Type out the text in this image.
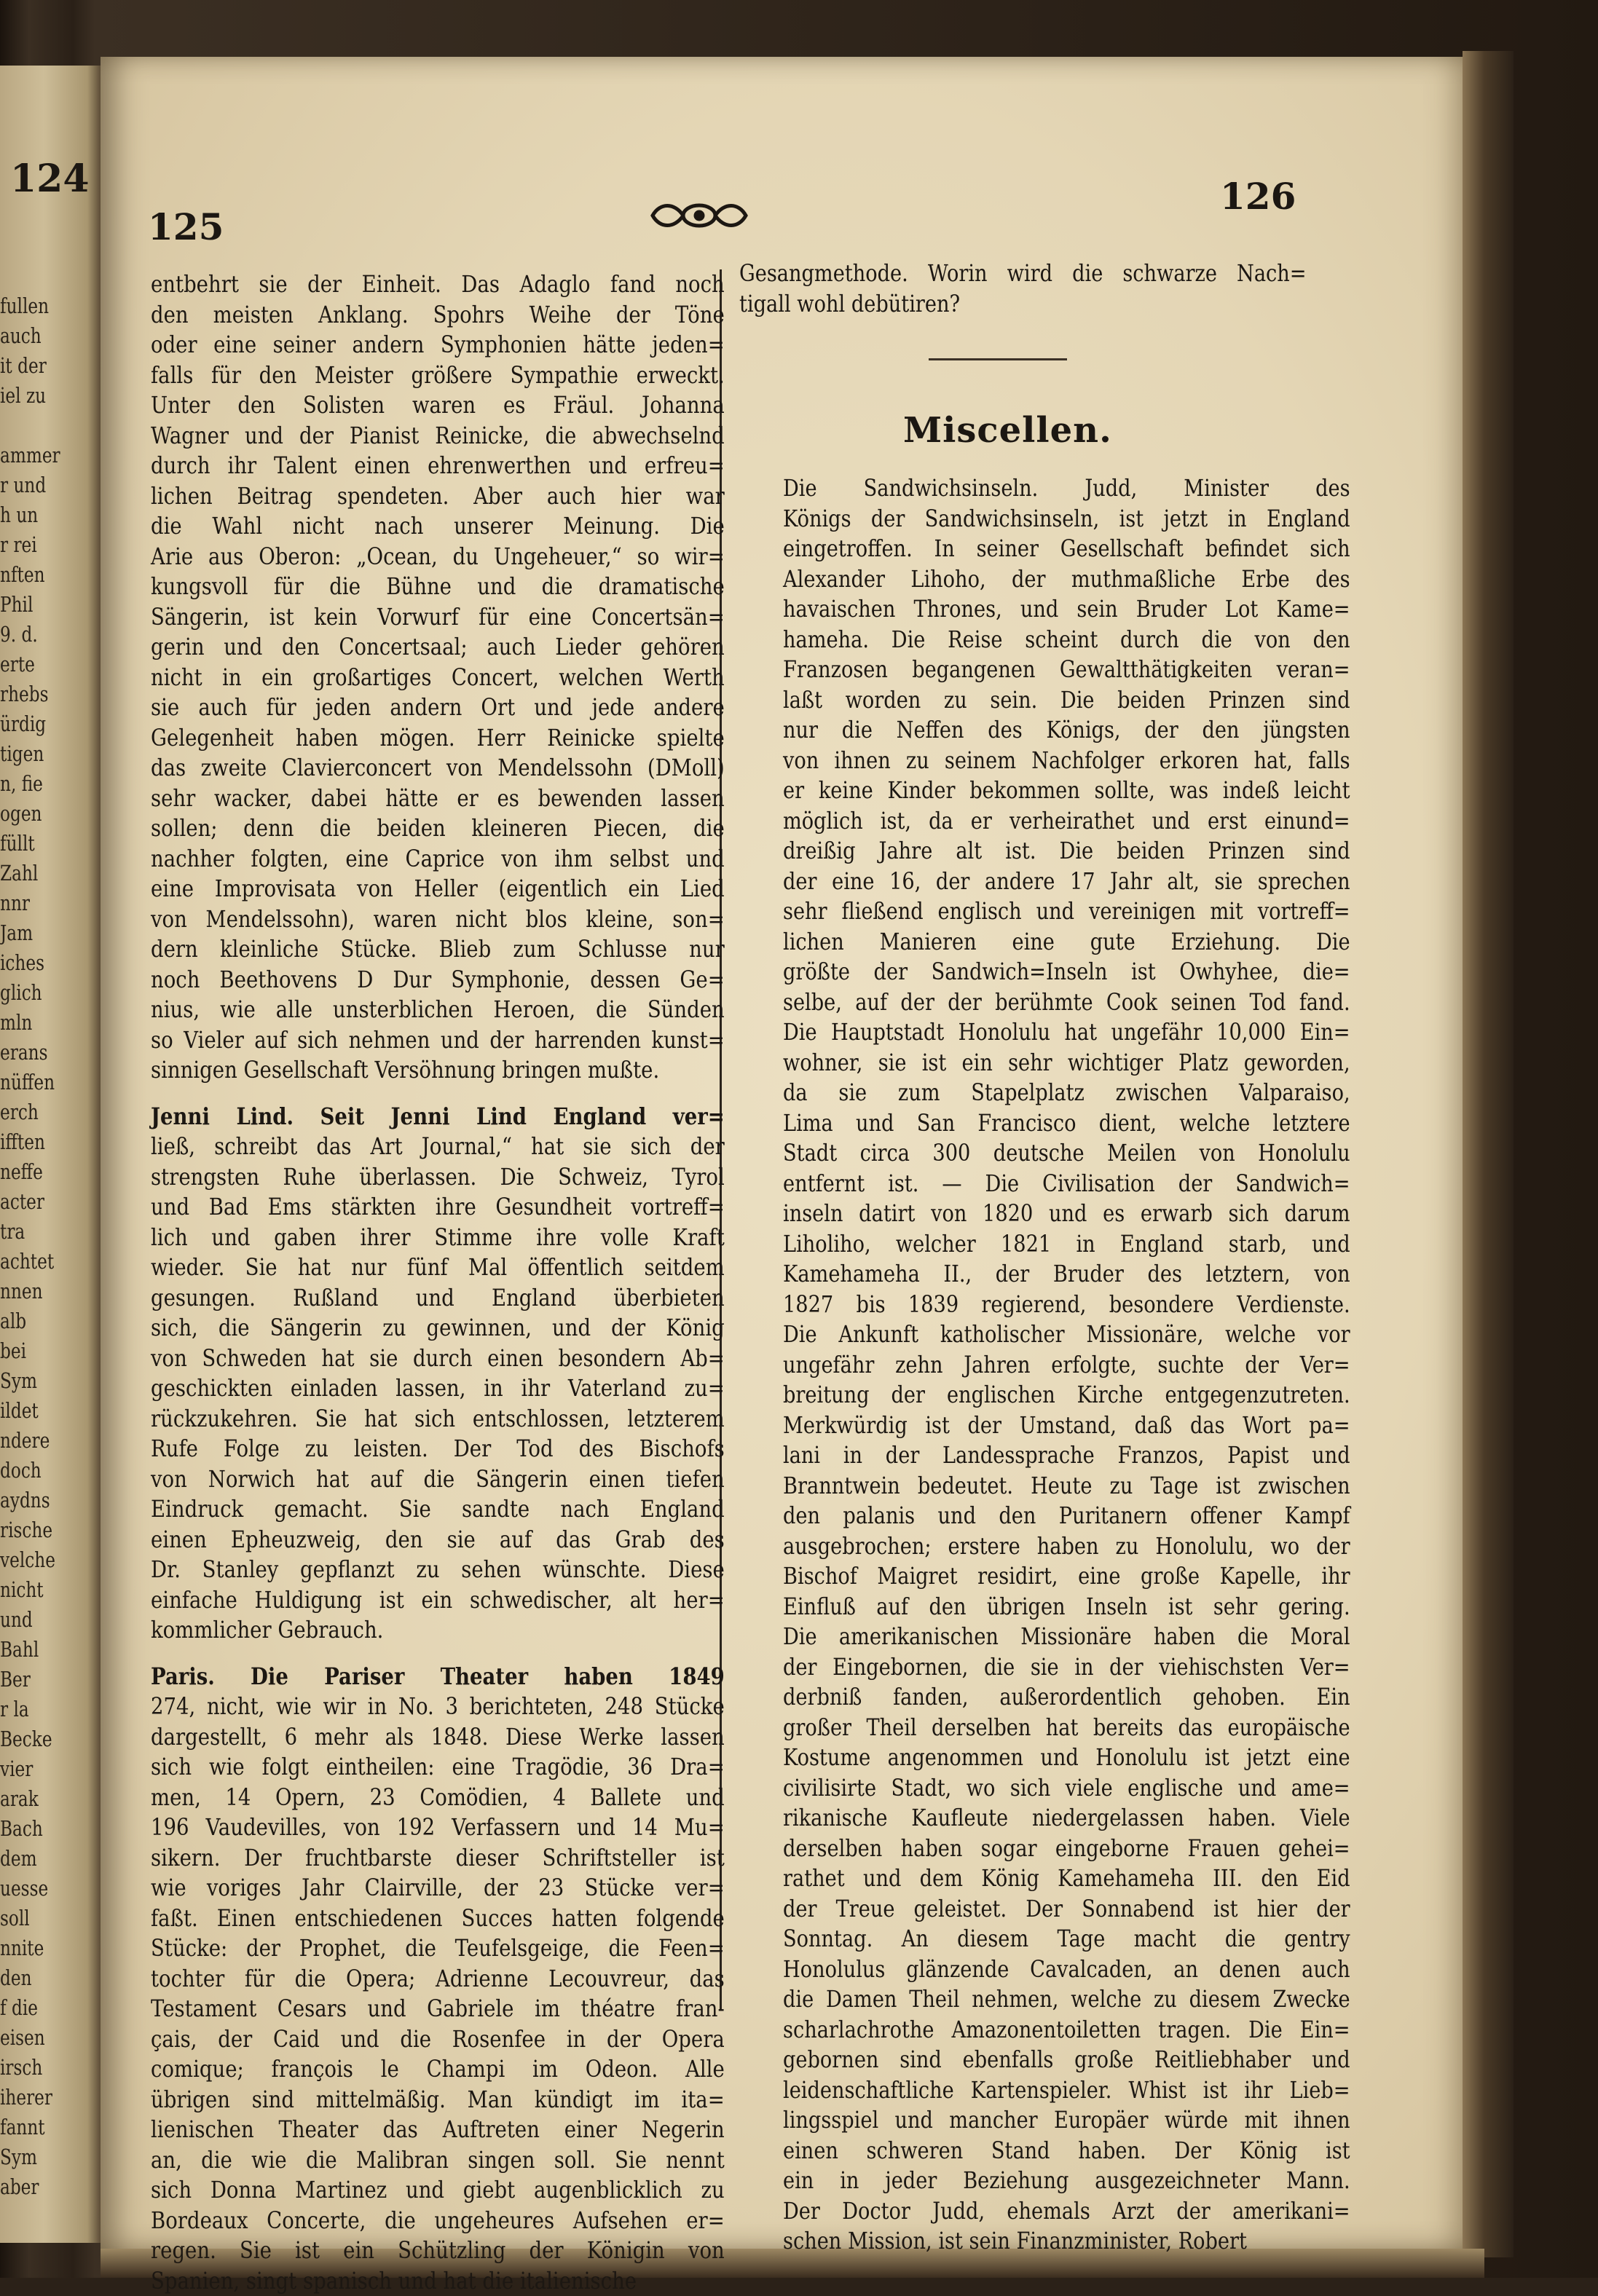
124
fullen
auch
it der
iel zu
ammer
r und
h un
r rei
nften
Phil
9. d.
erte
rhebs
ürdig
tigen
n, fie
ogen
füllt
Zahl
nnr
Jam
iches
glich
mln
erans
nüffen
erch
ifften
neffe
acter
tra
achtet
nnen
alb
bei
Sym
ildet
ndere
doch
aydns
rische
velche
nicht
und
Bahl
Ber
r la
Becke
vier
arak
Bach
dem
uesse
soll
nnite
den
f die
eisen
irsch
iherer
fannt
Sym
aber
125
126
entbehrt sie der Einheit. Das Adaglo fand noch
den meisten Anklang. Spohrs Weihe der Töne
oder eine seiner andern Symphonien hätte jeden=
falls für den Meister größere Sympathie erweckt.
Unter den Solisten waren es Fräul. Johanna
Wagner und der Pianist Reinicke, die abwechselnd
durch ihr Talent einen ehrenwerthen und erfreu=
lichen Beitrag spendeten. Aber auch hier war
die Wahl nicht nach unserer Meinung. Die
Arie aus Oberon: „Ocean, du Ungeheuer,“ so wir=
kungsvoll für die Bühne und die dramatische
Sängerin, ist kein Vorwurf für eine Concertsän=
gerin und den Concertsaal; auch Lieder gehören
nicht in ein großartiges Concert, welchen Werth
sie auch für jeden andern Ort und jede andere
Gelegenheit haben mögen. Herr Reinicke spielte
das zweite Clavierconcert von Mendelssohn (DMoll)
sehr wacker, dabei hätte er es bewenden lassen
sollen; denn die beiden kleineren Piecen, die
nachher folgten, eine Caprice von ihm selbst und
eine Improvisata von Heller (eigentlich ein Lied
von Mendelssohn), waren nicht blos kleine, son=
dern kleinliche Stücke. Blieb zum Schlusse nur
noch Beethovens D Dur Symphonie, dessen Ge=
nius, wie alle unsterblichen Heroen, die Sünden
so Vieler auf sich nehmen und der harrenden kunst=
sinnigen Gesellschaft Versöhnung bringen mußte.
Jenni Lind. Seit Jenni Lind England ver=
ließ, schreibt das Art Journal,“ hat sie sich der
strengsten Ruhe überlassen. Die Schweiz, Tyrol
und Bad Ems stärkten ihre Gesundheit vortreff=
lich und gaben ihrer Stimme ihre volle Kraft
wieder. Sie hat nur fünf Mal öffentlich seitdem
gesungen. Rußland und England überbieten
sich, die Sängerin zu gewinnen, und der König
von Schweden hat sie durch einen besondern Ab=
geschickten einladen lassen, in ihr Vaterland zu=
rückzukehren. Sie hat sich entschlossen, letzterem
Rufe Folge zu leisten. Der Tod des Bischofs
von Norwich hat auf die Sängerin einen tiefen
Eindruck gemacht. Sie sandte nach England
einen Epheuzweig, den sie auf das Grab des
Dr. Stanley gepflanzt zu sehen wünschte. Diese
einfache Huldigung ist ein schwedischer, alt her=
kommlicher Gebrauch.
Paris. Die Pariser Theater haben 1849
274, nicht, wie wir in No. 3 berichteten, 248 Stücke
dargestellt, 6 mehr als 1848. Diese Werke lassen
sich wie folgt eintheilen: eine Tragödie, 36 Dra=
men, 14 Opern, 23 Comödien, 4 Ballete und
196 Vaudevilles, von 192 Verfassern und 14 Mu=
sikern. Der fruchtbarste dieser Schriftsteller ist
wie voriges Jahr Clairville, der 23 Stücke ver=
faßt. Einen entschiedenen Succes hatten folgende
Stücke: der Prophet, die Teufelsgeige, die Feen=
tochter für die Opera; Adrienne Lecouvreur, das
Testament Cesars und Gabriele im théatre fran-
çais, der Caid und die Rosenfee in der Opera
comique; françois le Champi im Odeon. Alle
übrigen sind mittelmäßig. Man kündigt im ita=
lienischen Theater das Auftreten einer Negerin
an, die wie die Malibran singen soll. Sie nennt
sich Donna Martinez und giebt augenblicklich zu
Bordeaux Concerte, die ungeheures Aufsehen er=
regen. Sie ist ein Schützling der Königin von
Spanien, singt spanisch und hat die italienische
Gesangmethode. Worin wird die schwarze Nach=
tigall wohl debütiren?
Miscellen.
Die Sandwichsinseln. Judd, Minister des
Königs der Sandwichsinseln, ist jetzt in England
eingetroffen. In seiner Gesellschaft befindet sich
Alexander Lihoho, der muthmaßliche Erbe des
havaischen Thrones, und sein Bruder Lot Kame=
hameha. Die Reise scheint durch die von den
Franzosen begangenen Gewaltthätigkeiten veran=
laßt worden zu sein. Die beiden Prinzen sind
nur die Neffen des Königs, der den jüngsten
von ihnen zu seinem Nachfolger erkoren hat, falls
er keine Kinder bekommen sollte, was indeß leicht
möglich ist, da er verheirathet und erst einund=
dreißig Jahre alt ist. Die beiden Prinzen sind
der eine 16, der andere 17 Jahr alt, sie sprechen
sehr fließend englisch und vereinigen mit vortreff=
lichen Manieren eine gute Erziehung. Die
größte der Sandwich=Inseln ist Owhyhee, die=
selbe, auf der der berühmte Cook seinen Tod fand.
Die Hauptstadt Honolulu hat ungefähr 10,000 Ein=
wohner, sie ist ein sehr wichtiger Platz geworden,
da sie zum Stapelplatz zwischen Valparaiso,
Lima und San Francisco dient, welche letztere
Stadt circa 300 deutsche Meilen von Honolulu
entfernt ist. — Die Civilisation der Sandwich=
inseln datirt von 1820 und es erwarb sich darum
Liholiho, welcher 1821 in England starb, und
Kamehameha II., der Bruder des letztern, von
1827 bis 1839 regierend, besondere Verdienste.
Die Ankunft katholischer Missionäre, welche vor
ungefähr zehn Jahren erfolgte, suchte der Ver=
breitung der englischen Kirche entgegenzutreten.
Merkwürdig ist der Umstand, daß das Wort pa=
lani in der Landessprache Franzos, Papist und
Branntwein bedeutet. Heute zu Tage ist zwischen
den palanis und den Puritanern offener Kampf
ausgebrochen; erstere haben zu Honolulu, wo der
Bischof Maigret residirt, eine große Kapelle, ihr
Einfluß auf den übrigen Inseln ist sehr gering.
Die amerikanischen Missionäre haben die Moral
der Eingebornen, die sie in der viehischsten Ver=
derbniß fanden, außerordentlich gehoben. Ein
großer Theil derselben hat bereits das europäische
Kostume angenommen und Honolulu ist jetzt eine
civilisirte Stadt, wo sich viele englische und ame=
rikanische Kaufleute niedergelassen haben. Viele
derselben haben sogar eingeborne Frauen gehei=
rathet und dem König Kamehameha III. den Eid
der Treue geleistet. Der Sonnabend ist hier der
Sonntag. An diesem Tage macht die gentry
Honolulus glänzende Cavalcaden, an denen auch
die Damen Theil nehmen, welche zu diesem Zwecke
scharlachrothe Amazonentoiletten tragen. Die Ein=
gebornen sind ebenfalls große Reitliebhaber und
leidenschaftliche Kartenspieler. Whist ist ihr Lieb=
lingsspiel und mancher Europäer würde mit ihnen
einen schweren Stand haben. Der König ist
ein in jeder Beziehung ausgezeichneter Mann.
Der Doctor Judd, ehemals Arzt der amerikani=
schen Mission, ist sein Finanzminister, Robert
